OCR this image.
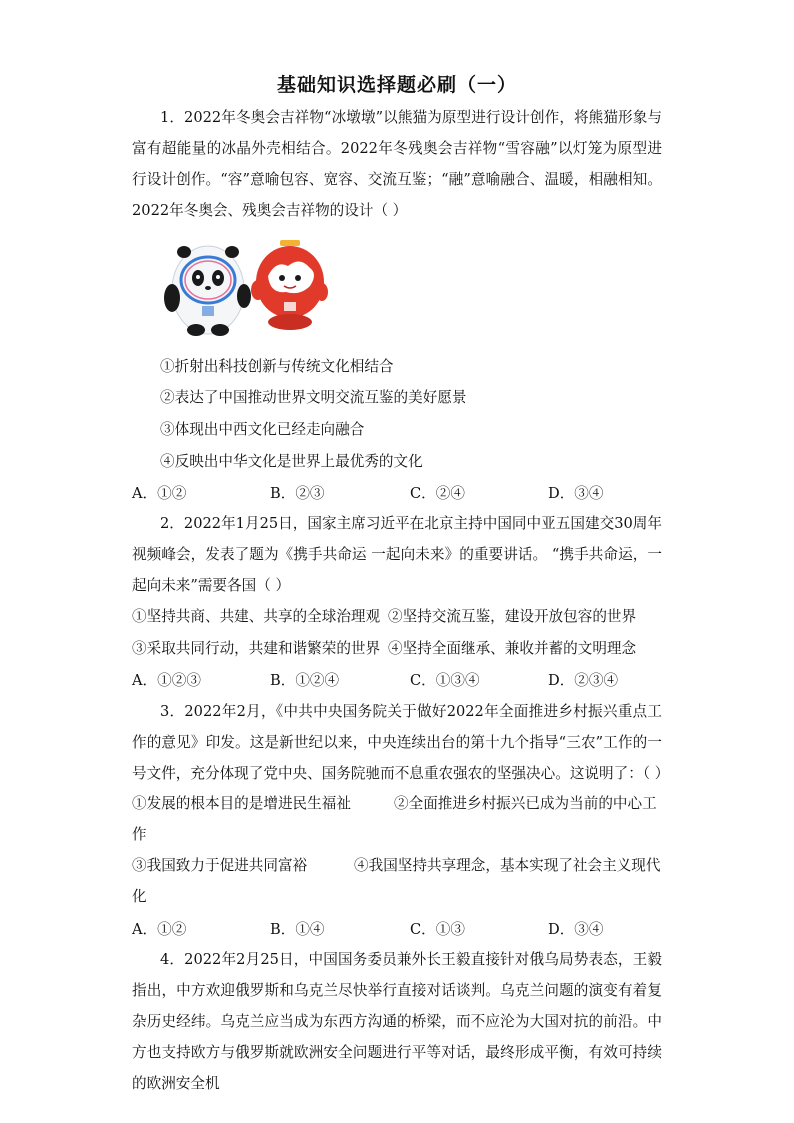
基础知识选择题必刷（一）

1．2022年冬奥会吉祥物“冰墩墩”以熊猫为原型进行设计创作，将熊猫形象与富有超能量的冰晶外壳相结合。2022年冬残奥会吉祥物“雪容融”以灯笼为原型进行设计创作。“容”意喻包容、宽容、交流互鉴；“融”意喻融合、温暖，相融相知。2022年冬奥会、残奥会吉祥物的设计（ ）

①折射出科技创新与传统文化相结合
②表达了中国推动世界文明交流互鉴的美好愿景
③体现出中西文化已经走向融合
④反映出中华文化是世界上最优秀的文化
A．①②	B．②③	C．②④	D．③④

2．2022年1月25日，国家主席习近平在北京主持中国同中亚五国建交30周年视频峰会，发表了题为《携手共命运 一起向未来》的重要讲话。 “携手共命运，一起向未来”需要各国（ ）

①坚持共商、共建、共享的全球治理观 ②坚持交流互鉴，建设开放包容的世界
③采取共同行动，共建和谐繁荣的世界 ④坚持全面继承、兼收并蓄的文明理念
A．①②③	B．①②④	C．①③④	D．②③④

3．2022年2月，《中共中央国务院关于做好2022年全面推进乡村振兴重点工作的意见》印发。这是新世纪以来，中央连续出台的第十九个指导“三农”工作的一号文件，充分体现了党中央、国务院驰而不息重农强农的坚强决心。这说明了：（ ）

①发展的根本目的是增进民生福祉	②全面推进乡村振兴已成为当前的中心工
作
③我国致力于促进共同富裕	④我国坚持共享理念，基本实现了社会主义现代
化
A．①②	B．①④	C．①③	D．③④

4．2022年2月25日，中国国务委员兼外长王毅直接针对俄乌局势表态，王毅指出，中方欢迎俄罗斯和乌克兰尽快举行直接对话谈判。乌克兰问题的演变有着复杂历史经纬。乌克兰应当成为东西方沟通的桥梁，而不应沦为大国对抗的前沿。中方也支持欧方与俄罗斯就欧洲安全问题进行平等对话，最终形成平衡，有效可持续的欧洲安全机
